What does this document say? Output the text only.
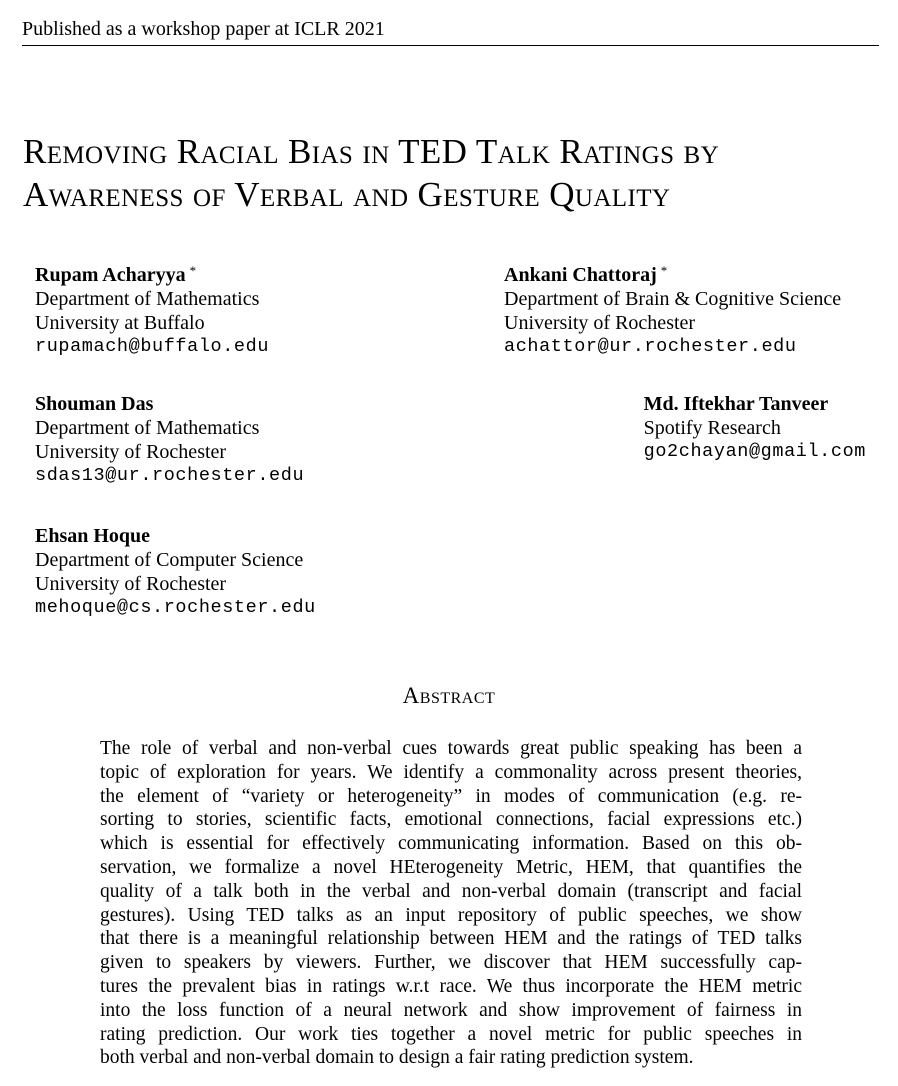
Published as a workshop paper at ICLR 2021
Removing Racial Bias in TED Talk Ratings by
Awareness of Verbal and Gesture Quality
Rupam Acharyya *
Department of Mathematics
University at Buffalo
rupamach@buffalo.edu
Ankani Chattoraj *
Department of Brain & Cognitive Science
University of Rochester
achattor@ur.rochester.edu
Shouman Das
Department of Mathematics
University of Rochester
sdas13@ur.rochester.edu
Md. Iftekhar Tanveer
Spotify Research
go2chayan@gmail.com
Ehsan Hoque
Department of Computer Science
University of Rochester
mehoque@cs.rochester.edu
Abstract
The role of verbal and non-verbal cues towards great public speaking has been a
topic of exploration for years. We identify a commonality across present theories,
the element of “variety or heterogeneity” in modes of communication (e.g. re-
sorting to stories, scientific facts, emotional connections, facial expressions etc.)
which is essential for effectively communicating information. Based on this ob-
servation, we formalize a novel HEterogeneity Metric, HEM, that quantifies the
quality of a talk both in the verbal and non-verbal domain (transcript and facial
gestures). Using TED talks as an input repository of public speeches, we show
that there is a meaningful relationship between HEM and the ratings of TED talks
given to speakers by viewers. Further, we discover that HEM successfully cap-
tures the prevalent bias in ratings w.r.t race. We thus incorporate the HEM metric
into the loss function of a neural network and show improvement of fairness in
rating prediction. Our work ties together a novel metric for public speeches in
both verbal and non-verbal domain to design a fair rating prediction system.
